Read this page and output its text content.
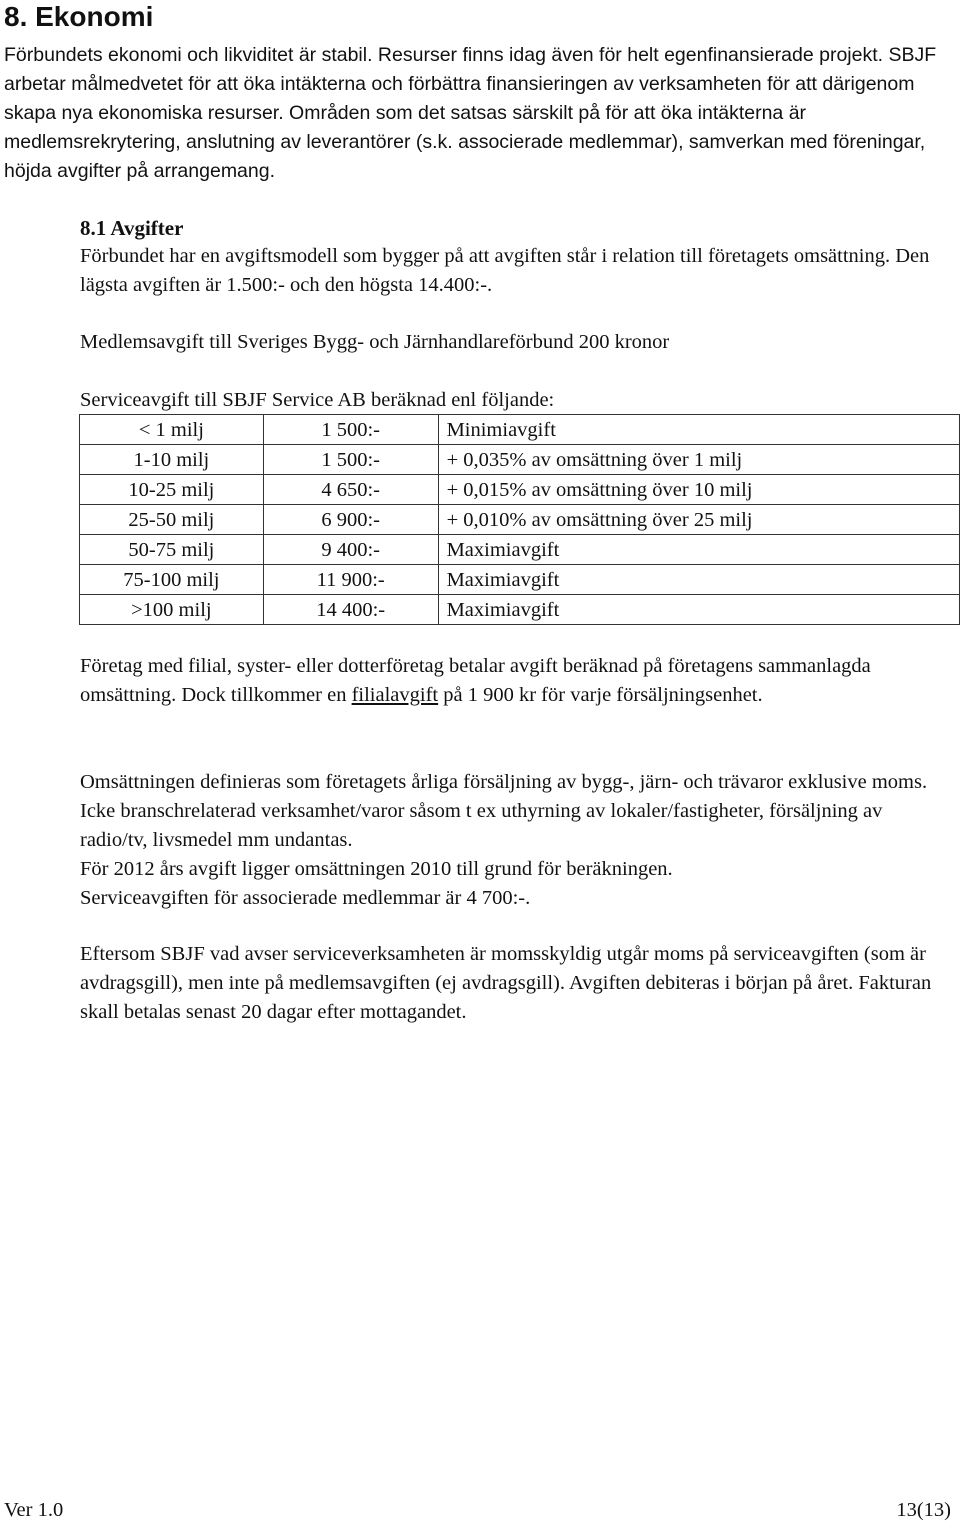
8. Ekonomi

Förbundets ekonomi och likviditet är stabil. Resurser finns idag även för helt egenfinansierade projekt. SBJF arbetar målmedvetet för att öka intäkterna och förbättra finansieringen av verksamheten för att därigenom skapa nya ekonomiska resurser. Områden som det satsas särskilt på för att öka intäkterna är medlemsrekrytering, anslutning av leverantörer (s.k. associerade medlemmar), samverkan med föreningar, höjda avgifter på arrangemang.

8.1 Avgifter

Förbundet har en avgiftsmodell som bygger på att avgiften står i relation till företagets omsättning. Den lägsta avgiften är 1.500:- och den högsta 14.400:-.

Medlemsavgift till Sveriges Bygg- och Järnhandlareförbund 200 kronor

Serviceavgift till SBJF Service AB beräknad enl följande:

< 1 milj	1 500:-	Minimiavgift
1-10 milj	1 500:-	+ 0,035% av omsättning över 1 milj
10-25 milj	4 650:-	+ 0,015% av omsättning över 10 milj
25-50 milj	6 900:-	+ 0,010% av omsättning över 25 milj
50-75 milj	9 400:-	Maximiavgift
75-100 milj	11 900:-	Maximiavgift
>100 milj	14 400:-	Maximiavgift

Företag med filial, syster- eller dotterföretag betalar avgift beräknad på företagens sammanlagda omsättning. Dock tillkommer en filialavgift på 1 900 kr för varje försäljningsenhet.

Omsättningen definieras som företagets årliga försäljning av bygg-, järn- och trävaror exklusive moms. Icke branschrelaterad verksamhet/varor såsom t ex uthyrning av lokaler/fastigheter, försäljning av radio/tv, livsmedel mm undantas.
För 2012 års avgift ligger omsättningen 2010 till grund för beräkningen.
Serviceavgiften för associerade medlemmar är 4 700:-.

Eftersom SBJF vad avser serviceverksamheten är momsskyldig utgår moms på serviceavgiften (som är avdragsgill), men inte på medlemsavgiften (ej avdragsgill). Avgiften debiteras i början på året. Fakturan skall betalas senast 20 dagar efter mottagandet.

Ver 1.0	13(13)
